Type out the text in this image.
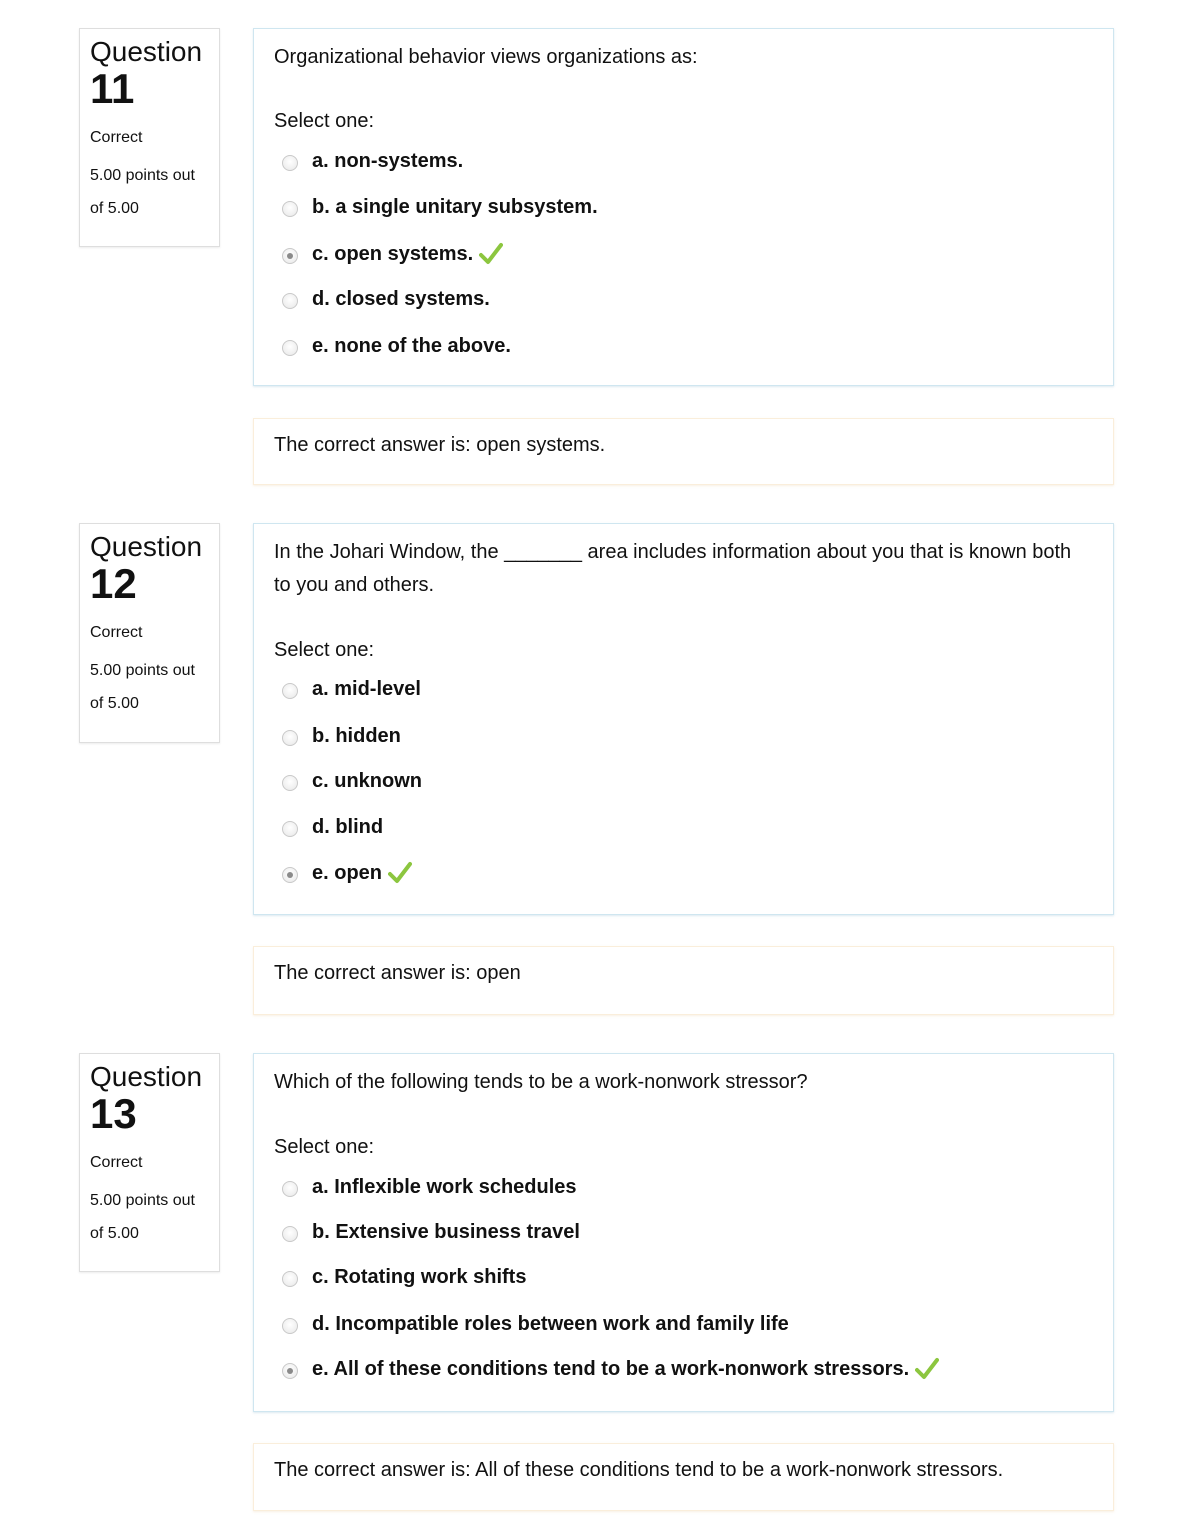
Question
11
Correct
5.00 points out
of 5.00
Organizational behavior views organizations as:
Select one:
a. non-systems.
b. a single unitary subsystem.
c. open systems.
d. closed systems.
e. none of the above.
The correct answer is: open systems.
Question
12
Correct
5.00 points out
of 5.00
In the Johari Window, the _______ area includes information about you that is known both to you and others.
Select one:
a. mid-level
b. hidden
c. unknown
d. blind
e. open
The correct answer is: open
Question
13
Correct
5.00 points out
of 5.00
Which of the following tends to be a work-nonwork stressor?
Select one:
a. Inflexible work schedules
b. Extensive business travel
c. Rotating work shifts
d. Incompatible roles between work and family life
e. All of these conditions tend to be a work-nonwork stressors.
The correct answer is: All of these conditions tend to be a work-nonwork stressors.
